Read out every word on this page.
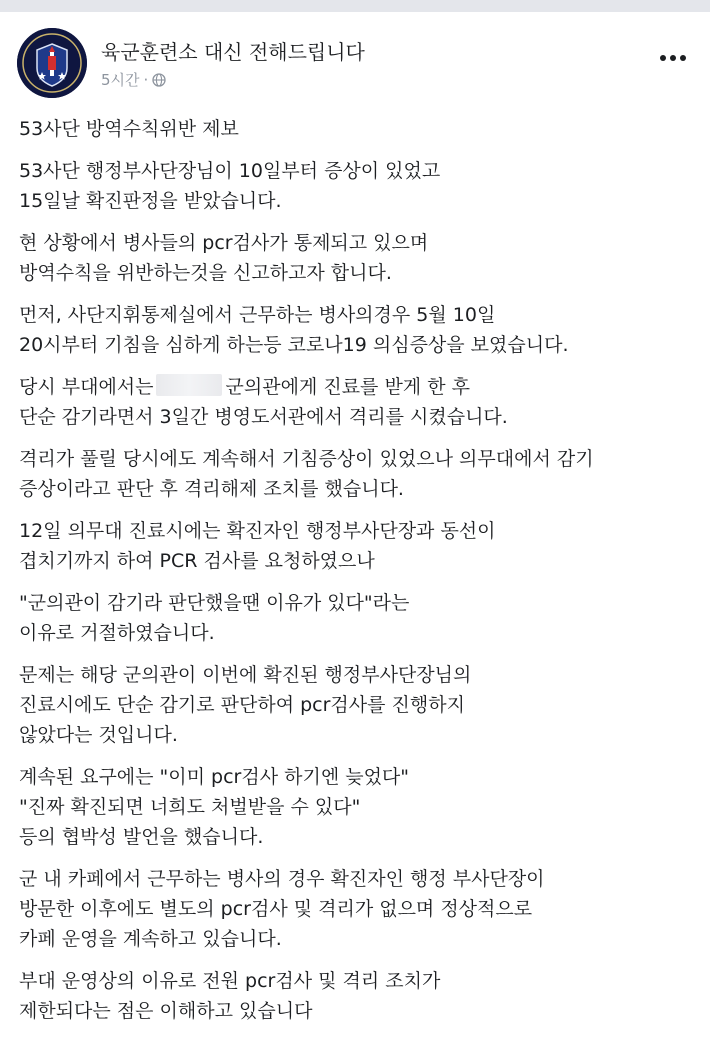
육군훈련소 대신 전해드립니다
5시간 ·

53사단 방역수칙위반 제보

53사단 행정부사단장님이 10일부터 증상이 있었고
15일날 확진판정을 받았습니다.

현 상황에서 병사들의 pcr검사가 통제되고 있으며
방역수칙을 위반하는것을 신고하고자 합니다.

먼저, 사단지휘통제실에서 근무하는 병사의경우 5월 10일
20시부터 기침을 심하게 하는등 코로나19 의심증상을 보였습니다.

당시 부대에서는	군의관에게 진료를 받게 한 후
단순 감기라면서 3일간 병영도서관에서 격리를 시켰습니다.

격리가 풀릴 당시에도 계속해서 기침증상이 있었으나 의무대에서 감기
증상이라고 판단 후 격리해제 조치를 했습니다.

12일 의무대 진료시에는 확진자인 행정부사단장과 동선이
겹치기까지 하여 PCR 검사를 요청하였으나

"군의관이 감기라 판단했을땐 이유가 있다"라는
이유로 거절하였습니다.

문제는 해당 군의관이 이번에 확진된 행정부사단장님의
진료시에도 단순 감기로 판단하여 pcr검사를 진행하지
않았다는 것입니다.

계속된 요구에는 "이미 pcr검사 하기엔 늦었다"
"진짜 확진되면 너희도 처벌받을 수 있다"
등의 협박성 발언을 했습니다.

군 내 카페에서 근무하는 병사의 경우 확진자인 행정 부사단장이
방문한 이후에도 별도의 pcr검사 및 격리가 없으며 정상적으로
카페 운영을 계속하고 있습니다.

부대 운영상의 이유로 전원 pcr검사 및 격리 조치가
제한되다는 점은 이해하고 있습니다
